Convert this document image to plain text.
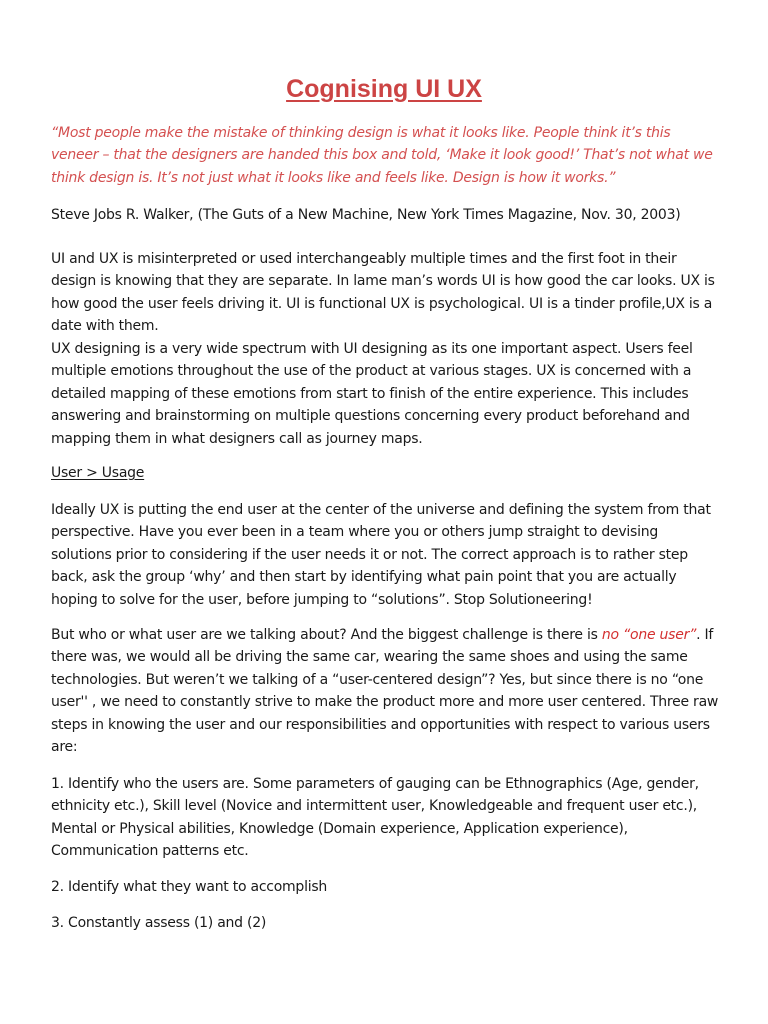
Cognising UI UX

“Most people make the mistake of thinking design is what it looks like. People think it’s this veneer – that the designers are handed this box and told, ‘Make it look good!’ That’s not what we think design is. It’s not just what it looks like and feels like. Design is how it works.”

Steve Jobs R. Walker, (The Guts of a New Machine, New York Times Magazine, Nov. 30, 2003)

UI and UX is misinterpreted or used interchangeably multiple times and the first foot in their design is knowing that they are separate. In lame man’s words UI is how good the car looks. UX is how good the user feels driving it. UI is functional UX is psychological. UI is a tinder profile,UX is a date with them.

UX designing is a very wide spectrum with UI designing as its one important aspect. Users feel multiple emotions throughout the use of the product at various stages. UX is concerned with a detailed mapping of these emotions from start to finish of the entire experience. This includes answering and brainstorming on multiple questions concerning every product beforehand and mapping them in what designers call as journey maps.

User > Usage

Ideally UX is putting the end user at the center of the universe and defining the system from that perspective. Have you ever been in a team where you or others jump straight to devising solutions prior to considering if the user needs it or not. The correct approach is to rather step back, ask the group ‘why’ and then start by identifying what pain point that you are actually hoping to solve for the user, before jumping to “solutions”. Stop Solutioneering!

But who or what user are we talking about? And the biggest challenge is there is no “one user”. If there was, we would all be driving the same car, wearing the same shoes and using the same technologies. But weren’t we talking of a “user-centered design”? Yes, but since there is no “one user'' , we need to constantly strive to make the product more and more user centered. Three raw steps in knowing the user and our responsibilities and opportunities with respect to various users are:

1. Identify who the users are. Some parameters of gauging can be Ethnographics (Age, gender, ethnicity etc.), Skill level (Novice and intermittent user, Knowledgeable and frequent user etc.), Mental or Physical abilities, Knowledge (Domain experience, Application experience), Communication patterns etc.

2. Identify what they want to accomplish

3. Constantly assess (1) and (2)
